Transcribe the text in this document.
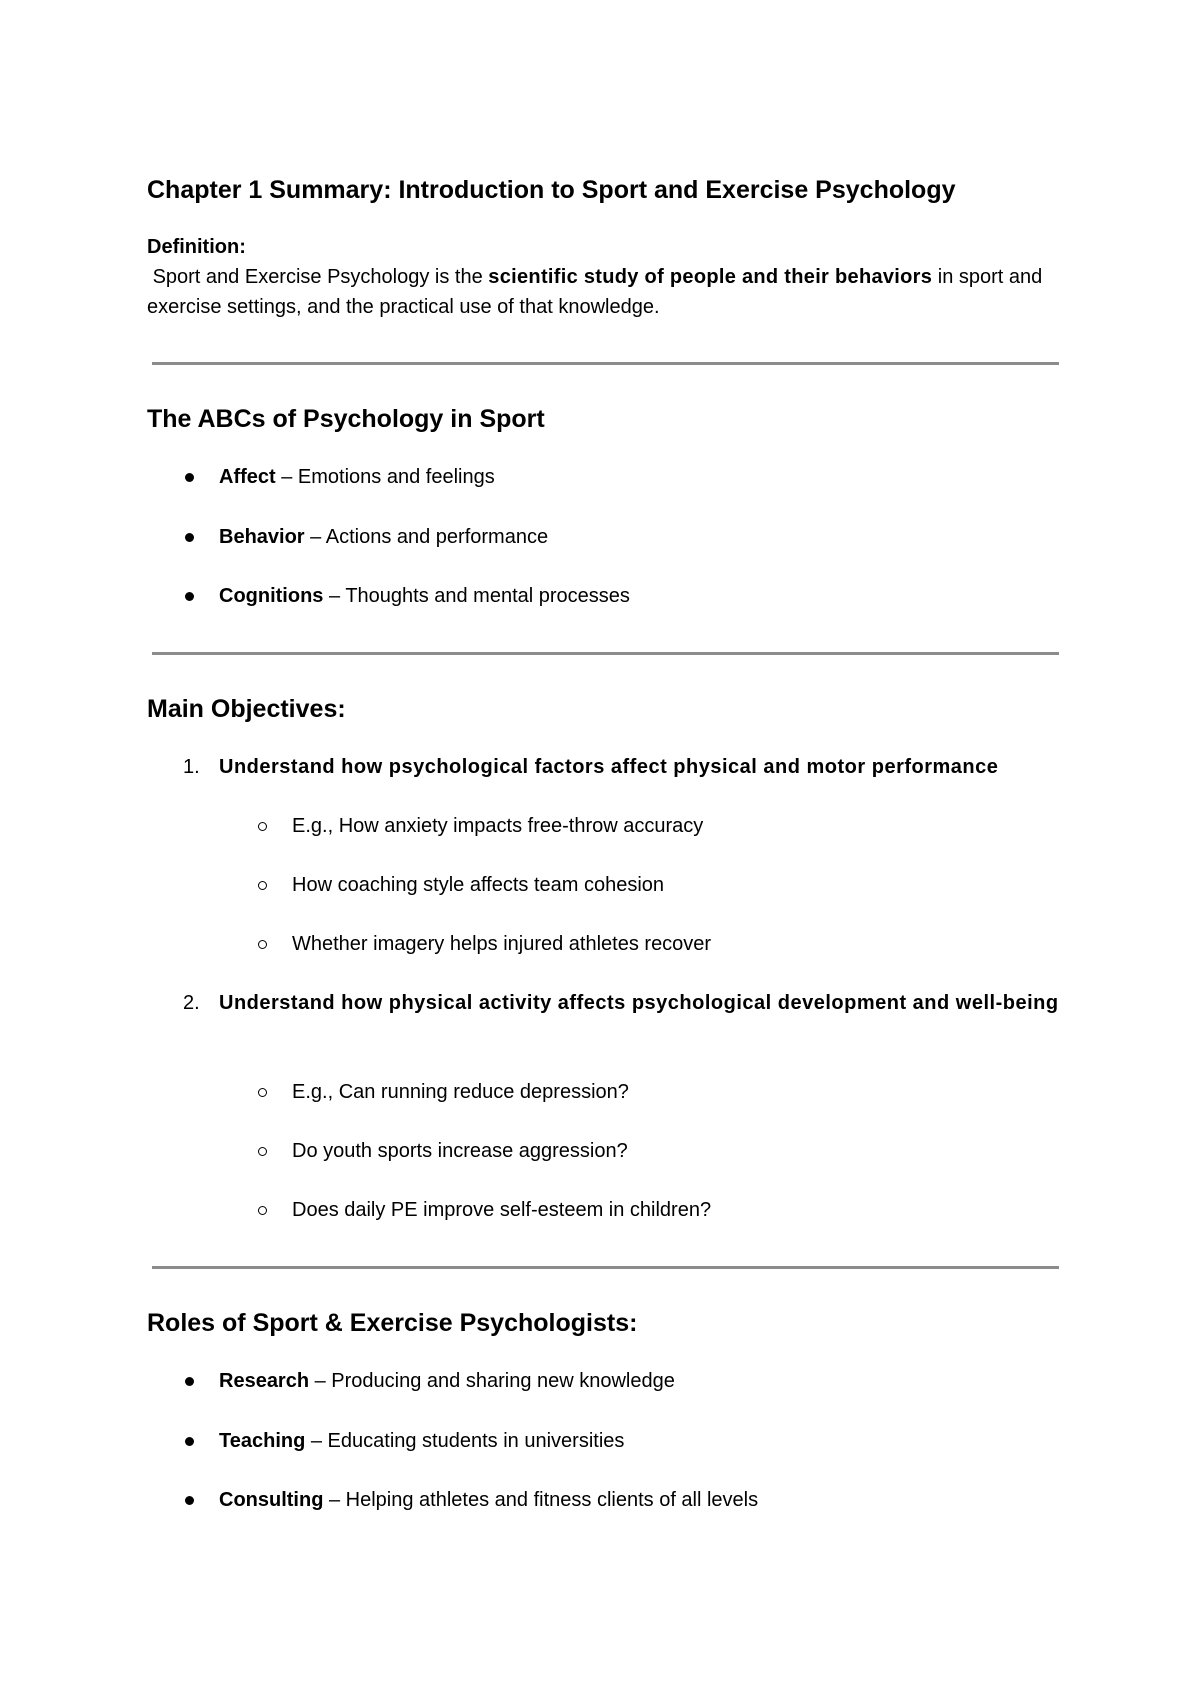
Chapter 1 Summary: Introduction to Sport and Exercise Psychology
Definition:
Sport and Exercise Psychology is the scientific study of people and their behaviors in sport and exercise settings, and the practical use of that knowledge.
The ABCs of Psychology in Sport
Affect – Emotions and feelings
Behavior – Actions and performance
Cognitions – Thoughts and mental processes
Main Objectives:
1. Understand how psychological factors affect physical and motor performance
E.g., How anxiety impacts free-throw accuracy
How coaching style affects team cohesion
Whether imagery helps injured athletes recover
2. Understand how physical activity affects psychological development and well-being
E.g., Can running reduce depression?
Do youth sports increase aggression?
Does daily PE improve self-esteem in children?
Roles of Sport & Exercise Psychologists:
Research – Producing and sharing new knowledge
Teaching – Educating students in universities
Consulting – Helping athletes and fitness clients of all levels
